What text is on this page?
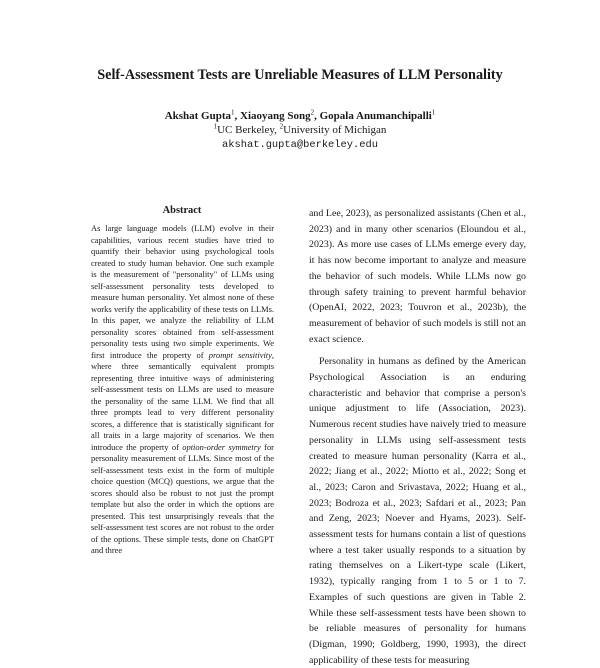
Self-Assessment Tests are Unreliable Measures of LLM Personality
Akshat Gupta$^1$, Xiaoyang Song$^2$, Gopala Anumanchipalli$^1$
$^1$UC Berkeley, $^2$University of Michigan
akshat.gupta@berkeley.edu
Abstract

As large language models (LLM) evolve in their capabilities, various recent studies have tried to quantify their behavior using psychological tools created to study human behavior. One such example is the measurement of "personality" of LLMs using self-assessment personality tests developed to measure human personality. Yet almost none of these works verify the applicability of these tests on LLMs. In this paper, we analyze the reliability of LLM personality scores obtained from self-assessment personality tests using two simple experiments. We first introduce the property of prompt sensitivity, where three semantically equivalent prompts representing three intuitive ways of administering self-assessment tests on LLMs are used to measure the personality of the same LLM. We find that all three prompts lead to very different personality scores, a difference that is statistically significant for all traits in a large majority of scenarios. We then introduce the property of option-order symmetry for personality measurement of LLMs. Since most of the self-assessment tests exist in the form of multiple choice question (MCQ) questions, we argue that the scores should also be robust to not just the prompt template but also the order in which the options are presented. This test unsurprisingly reveals that the self-assessment test scores are not robust to the order of the options. These simple tests, done on ChatGPT and three

and Lee, 2023), as personalized assistants (Chen et al., 2023) and in many other scenarios (Eloundou et al., 2023). As more use cases of LLMs emerge every day, it has now become important to analyze and measure the behavior of such models. While LLMs now go through safety training to prevent harmful behavior (OpenAI, 2022, 2023; Touvron et al., 2023b), the measurement of behavior of such models is still not an exact science.

Personality in humans as defined by the American Psychological Association is an enduring characteristic and behavior that comprise a person's unique adjustment to life (Association, 2023). Numerous recent studies have naively tried to measure personality in LLMs using self-assessment tests created to measure human personality (Karra et al., 2022; Jiang et al., 2022; Miotto et al., 2022; Song et al., 2023; Caron and Srivastava, 2022; Huang et al., 2023; Bodroza et al., 2023; Safdari et al., 2023; Pan and Zeng, 2023; Noever and Hyams, 2023). Self-assessment tests for humans contain a list of questions where a test taker usually responds to a situation by rating themselves on a Likert-type scale (Likert, 1932), typically ranging from 1 to 5 or 1 to 7. Examples of such questions are given in Table 2. While these self-assessment tests have been shown to be reliable measures of personality for humans (Digman, 1990; Goldberg, 1990, 1993), the direct applicability of these tests for measuring
